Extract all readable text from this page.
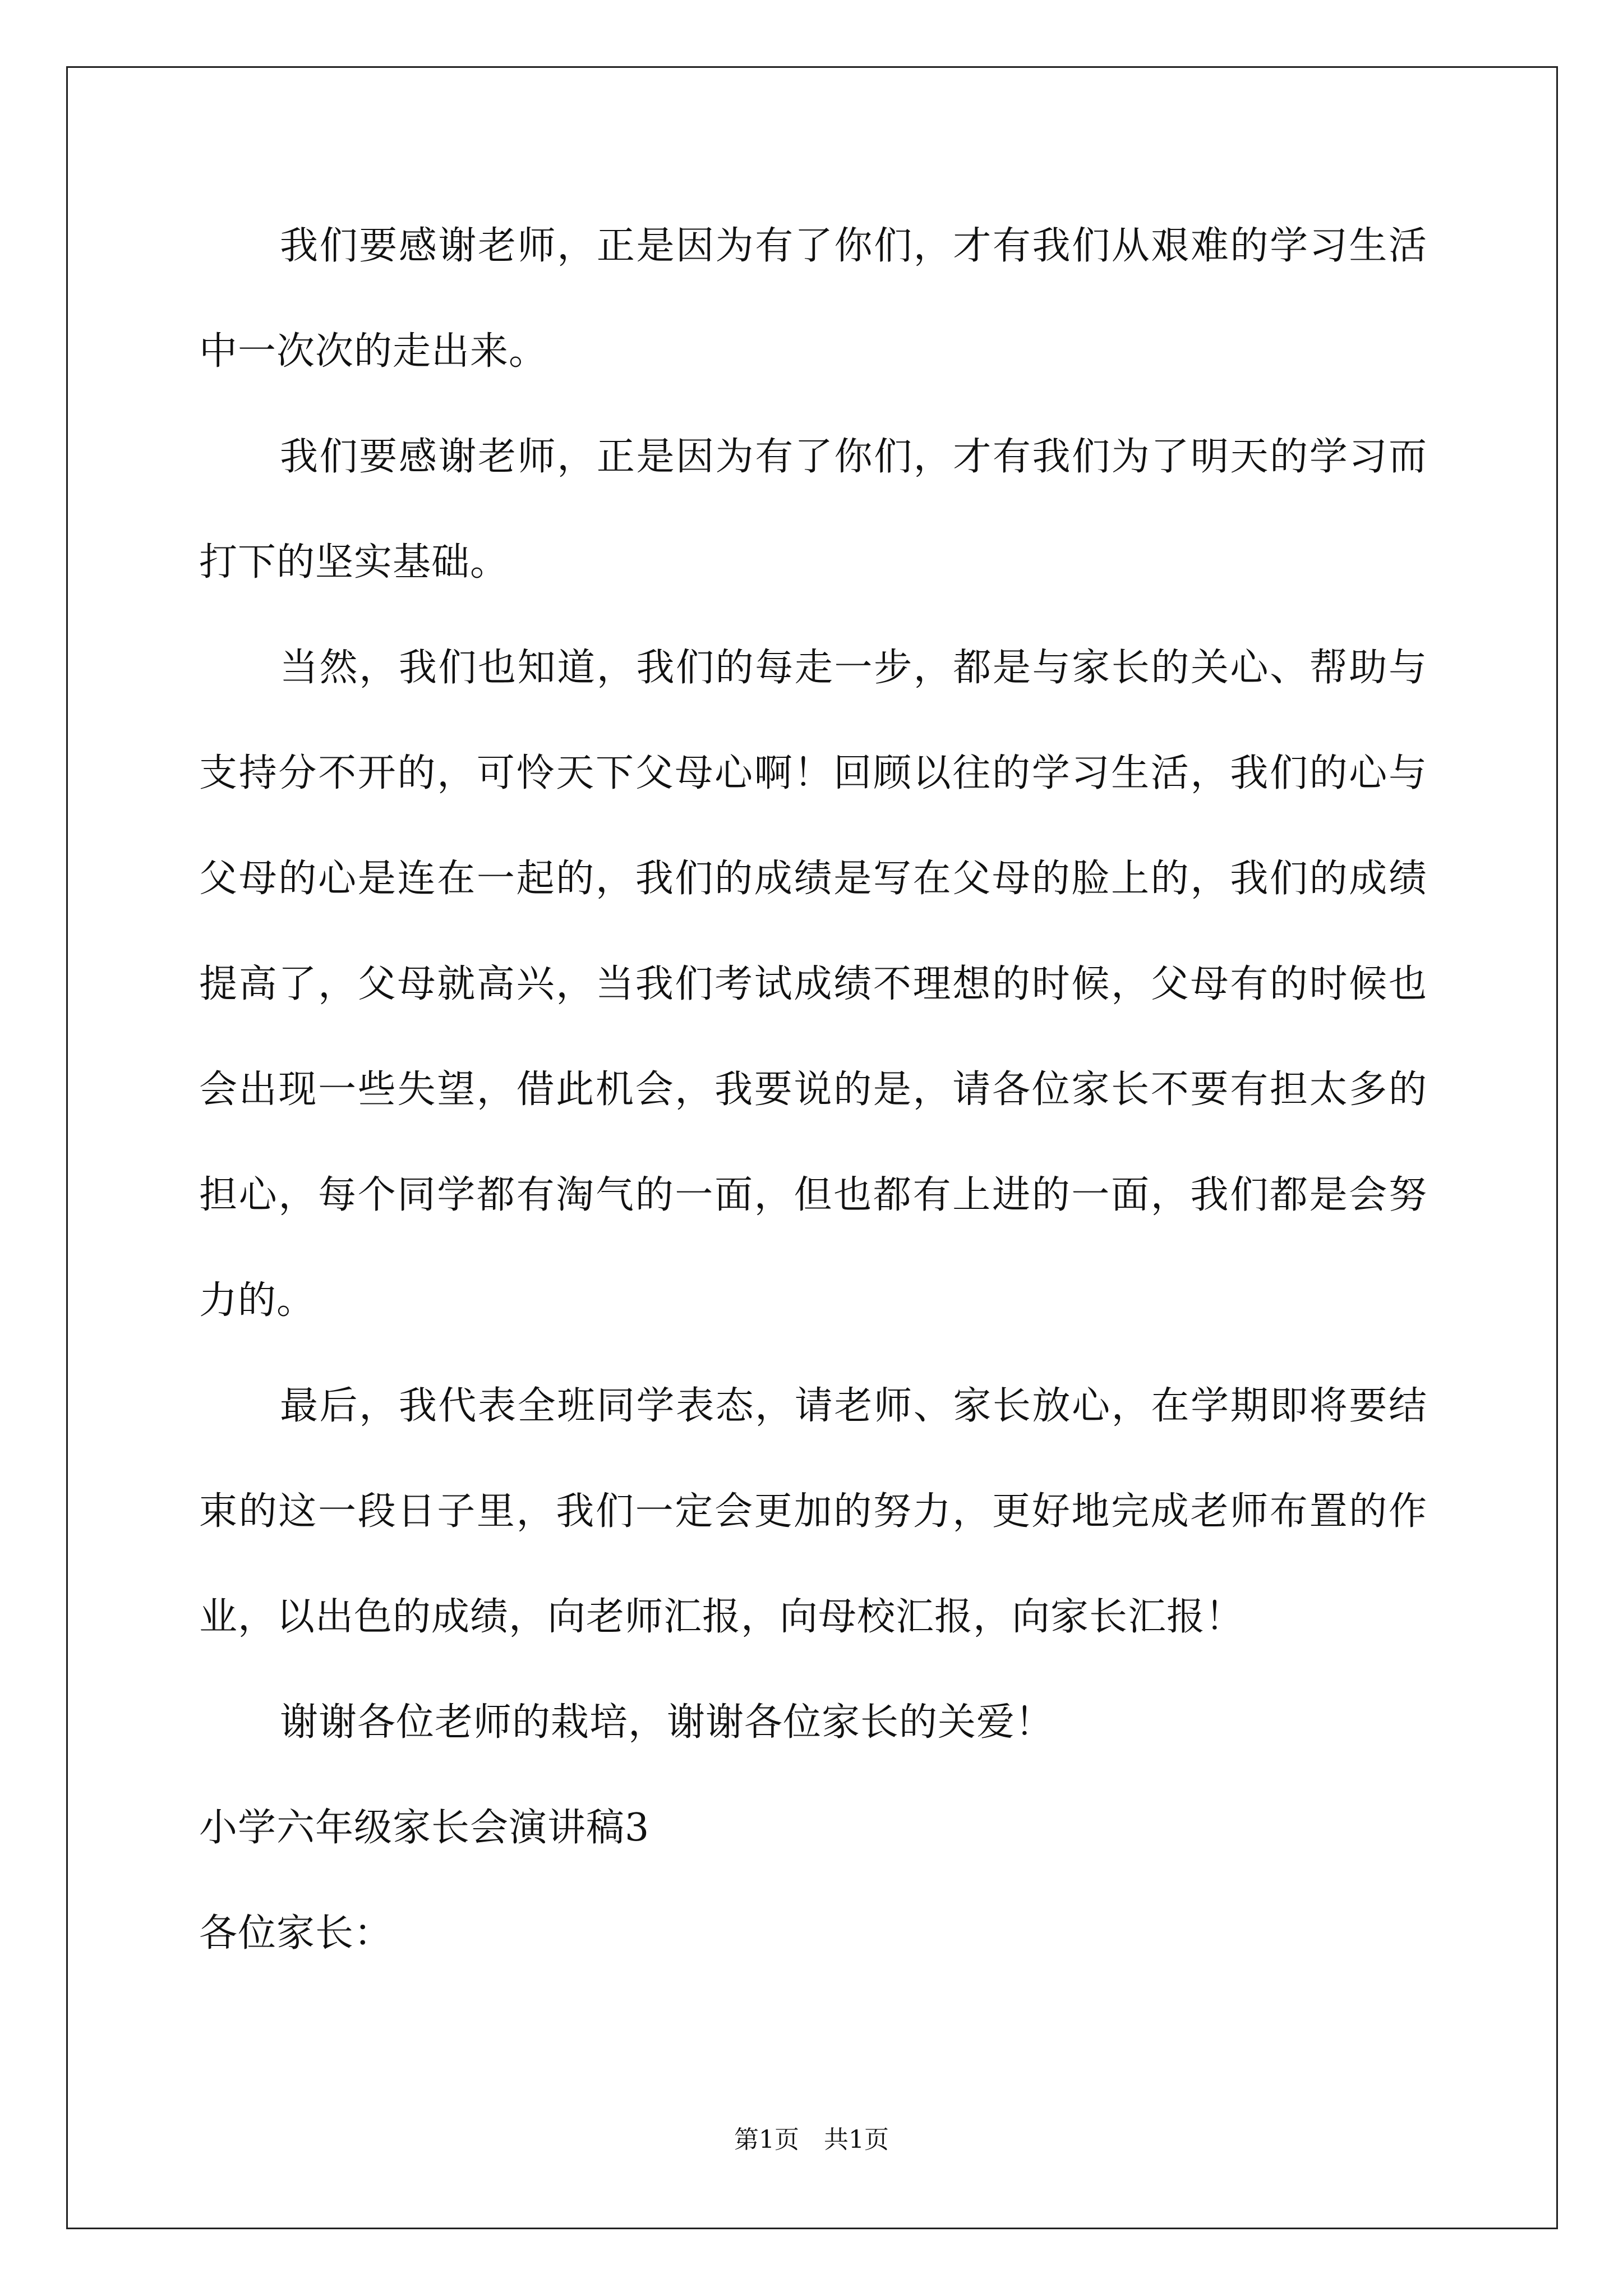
我们要感谢老师，正是因为有了你们，才有我们从艰难的学习生活中一次次的走出来。

我们要感谢老师，正是因为有了你们，才有我们为了明天的学习而打下的坚实基础。

当然，我们也知道，我们的每走一步，都是与家长的关心、帮助与支持分不开的，可怜天下父母心啊！回顾以往的学习生活，我们的心与父母的心是连在一起的，我们的成绩是写在父母的脸上的，我们的成绩提高了，父母就高兴，当我们考试成绩不理想的时候，父母有的时候也会出现一些失望，借此机会，我要说的是，请各位家长不要有担太多的担心，每个同学都有淘气的一面，但也都有上进的一面，我们都是会努力的。

最后，我代表全班同学表态，请老师、家长放心，在学期即将要结束的这一段日子里，我们一定会更加的努力，更好地完成老师布置的作业，以出色的成绩，向老师汇报，向母校汇报，向家长汇报！

谢谢各位老师的栽培，谢谢各位家长的关爱！

小学六年级家长会演讲稿3

各位家长：

第1页 共1页
